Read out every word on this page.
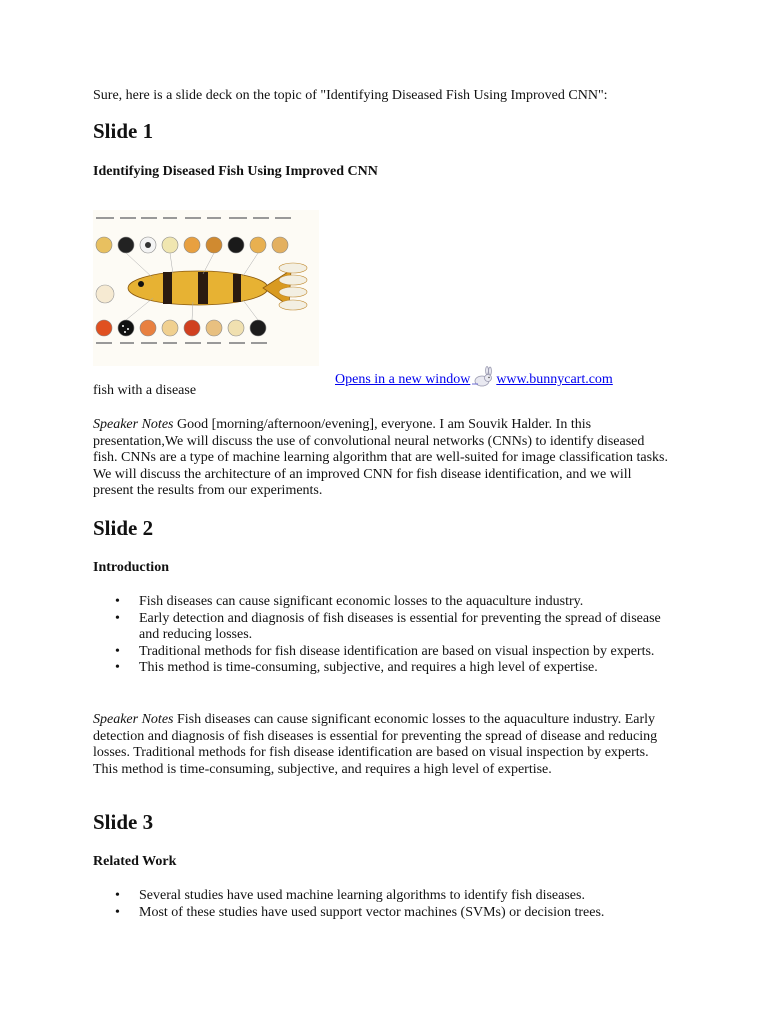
Sure, here is a slide deck on the topic of "Identifying Diseased Fish Using Improved CNN":
Slide 1
Identifying Diseased Fish Using Improved CNN
Opens in a new window www.bunnycart.com
fish with a disease
Speaker Notes Good [morning/afternoon/evening], everyone. I am Souvik Halder. In this presentation,We will discuss the use of convolutional neural networks (CNNs) to identify diseased fish. CNNs are a type of machine learning algorithm that are well-suited for image classification tasks. We will discuss the architecture of an improved CNN for fish disease identification, and we will present the results from our experiments.
Slide 2
Introduction
• Fish diseases can cause significant economic losses to the aquaculture industry.
• Early detection and diagnosis of fish diseases is essential for preventing the spread of disease and reducing losses.
• Traditional methods for fish disease identification are based on visual inspection by experts.
• This method is time-consuming, subjective, and requires a high level of expertise.
Speaker Notes Fish diseases can cause significant economic losses to the aquaculture industry. Early detection and diagnosis of fish diseases is essential for preventing the spread of disease and reducing losses. Traditional methods for fish disease identification are based on visual inspection by experts. This method is time-consuming, subjective, and requires a high level of expertise.
Slide 3
Related Work
• Several studies have used machine learning algorithms to identify fish diseases.
• Most of these studies have used support vector machines (SVMs) or decision trees.
